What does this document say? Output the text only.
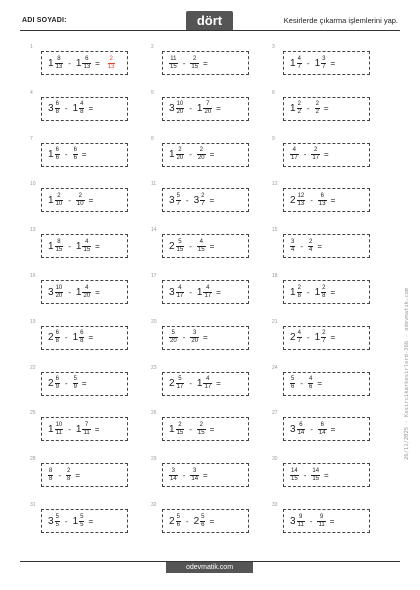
ADI SOYADI:	dört	Kesirlerde çıkarma işlemlerini yap.
1
$1 \frac{8}{13} - 1 \frac{6}{13} = \frac{2}{13}$
2
$\frac{11}{15} - \frac{2}{15}$ =
3
$1 \frac{4}{7} - 1 \frac{3}{7}$ =
4
$3 \frac{6}{8} - 1 \frac{4}{8}$ =
5
$3 \frac{10}{20} - 1 \frac{7}{20}$ =
6
$1 \frac{2}{2} - \frac{2}{2}$ =
7
$1 \frac{6}{6} - \frac{6}{6}$ =
8
$1 \frac{2}{20} - \frac{2}{20}$ =
9
$\frac{4}{17} - \frac{2}{17}$ =
10
$1 \frac{2}{10} - \frac{2}{10}$ =
11
$3 \frac{5}{7} - 3 \frac{2}{7}$ =
12
$2 \frac{12}{13} - \frac{6}{13}$ =
13
$1 \frac{8}{15} - 1 \frac{4}{15}$ =
14
$2 \frac{5}{15} - \frac{4}{15}$ =
15
$\frac{3}{4} - \frac{2}{4}$ =
16
$3 \frac{10}{20} - 1 \frac{4}{20}$ =
17
$3 \frac{4}{17} - 1 \frac{4}{17}$ =
18
$1 \frac{2}{8} - 1 \frac{2}{8}$ =
19
$2 \frac{6}{8} - 1 \frac{6}{8}$ =
20
$\frac{5}{20} - \frac{3}{20}$ =
21
$2 \frac{4}{7} - 1 \frac{2}{7}$ =
22
$2 \frac{6}{9} - \frac{5}{9}$ =
23
$2 \frac{5}{17} - 1 \frac{4}{17}$ =
24
$\frac{5}{6} - \frac{4}{6}$ =
25
$1 \frac{10}{11} - 1 \frac{7}{11}$ =
26
$1 \frac{2}{15} - \frac{2}{15}$ =
27
$3 \frac{6}{14} - \frac{6}{14}$ =
28
$\frac{8}{8} - \frac{2}{8}$ =
29
$\frac{3}{14} - \frac{3}{14}$ =
30
$\frac{14}{15} - \frac{14}{15}$ =
31
$3 \frac{5}{5} - 1 \frac{5}{5}$ =
32
$2 \frac{5}{6} - 2 \frac{5}{6}$ =
33
$3 \frac{9}{11} - \frac{9}{11}$ =
26/11/2025 - Kesircikarkesirlerd-366 - odevmatik.com
odevmatik.com
